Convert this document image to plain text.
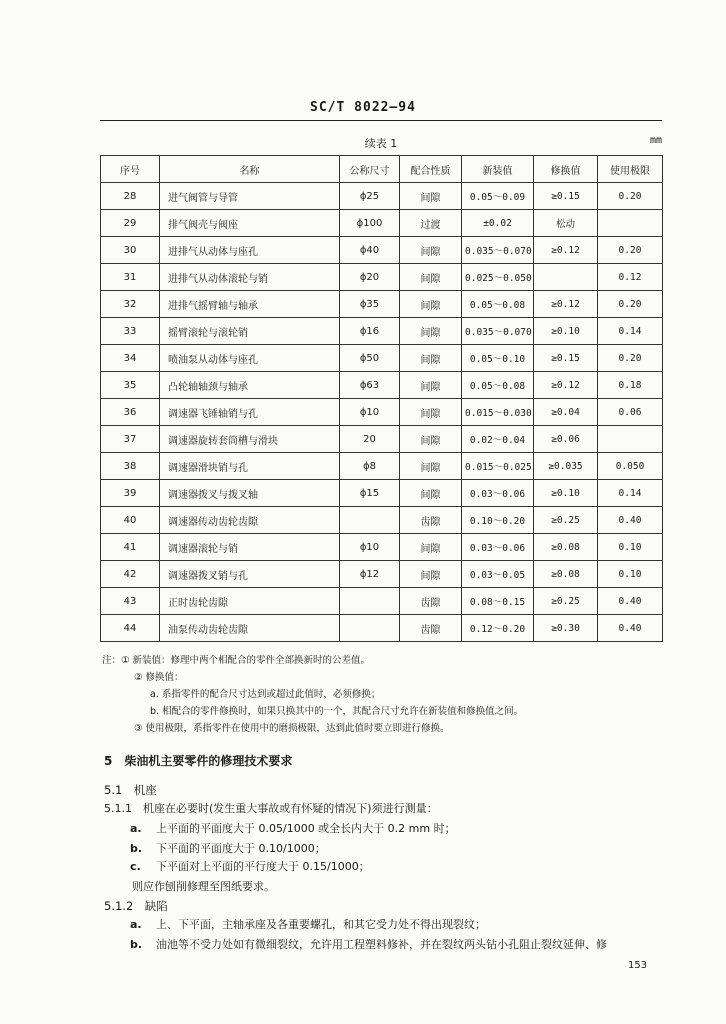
SC/T 8022—94
续表 1	mm
序号	名称	公称尺寸	配合性质	新装值	修换值	使用极限
28	进气阀管与导管	ϕ25	间隙	0.05～0.09	≥0.15	0.20
29	排气阀壳与阀座	ϕ100	过渡	±0.02	松动	
30	进排气从动体与座孔	ϕ40	间隙	0.035～0.070	≥0.12	0.20
31	进排气从动体滚轮与销	ϕ20	间隙	0.025～0.050		0.12
32	进排气摇臂轴与轴承	ϕ35	间隙	0.05～0.08	≥0.12	0.20
33	摇臂滚轮与滚轮销	ϕ16	间隙	0.035～0.070	≥0.10	0.14
34	喷油泵从动体与座孔	ϕ50	间隙	0.05～0.10	≥0.15	0.20
35	凸轮轴轴颈与轴承	ϕ63	间隙	0.05～0.08	≥0.12	0.18
36	调速器飞锤轴销与孔	ϕ10	间隙	0.015～0.030	≥0.04	0.06
37	调速器旋转套筒槽与滑块	20	间隙	0.02～0.04	≥0.06	
38	调速器滑块销与孔	ϕ8	间隙	0.015～0.025	≥0.035	0.050
39	调速器拨叉与拨叉轴	ϕ15	间隙	0.03～0.06	≥0.10	0.14
40	调速器传动齿轮齿隙		齿隙	0.10～0.20	≥0.25	0.40
41	调速器滚轮与销	ϕ10	间隙	0.03～0.06	≥0.08	0.10
42	调速器拨叉销与孔	ϕ12	间隙	0.03～0.05	≥0.08	0.10
43	正时齿轮齿隙		齿隙	0.08～0.15	≥0.25	0.40
44	油泵传动齿轮齿隙		齿隙	0.12～0.20	≥0.30	0.40
注：① 新装值：修理中两个相配合的零件全部换新时的公差值。
② 修换值：
a. 系指零件的配合尺寸达到或超过此值时，必须修换；
b. 相配合的零件修换时，如果只换其中的一个，其配合尺寸允许在新装值和修换值之间。
③ 使用极限，系指零件在使用中的磨损极限，达到此值时要立即进行修换。
5　柴油机主要零件的修理技术要求
5.1　机座
5.1.1　机座在必要时(发生重大事故或有怀疑的情况下)须进行测量：
a. 上平面的平面度大于 0.05/1000 或全长内大于 0.2 mm 时；
b. 下平面的平面度大于 0.10/1000；
c. 下平面对上平面的平行度大于 0.15/1000；
则应作刨削修理至图纸要求。
5.1.2　缺陷
a. 上、下平面，主轴承座及各重要螺孔，和其它受力处不得出现裂纹；
b. 油池等不受力处如有微细裂纹，允许用工程塑料修补，并在裂纹两头钻小孔阻止裂纹延伸、修
153
